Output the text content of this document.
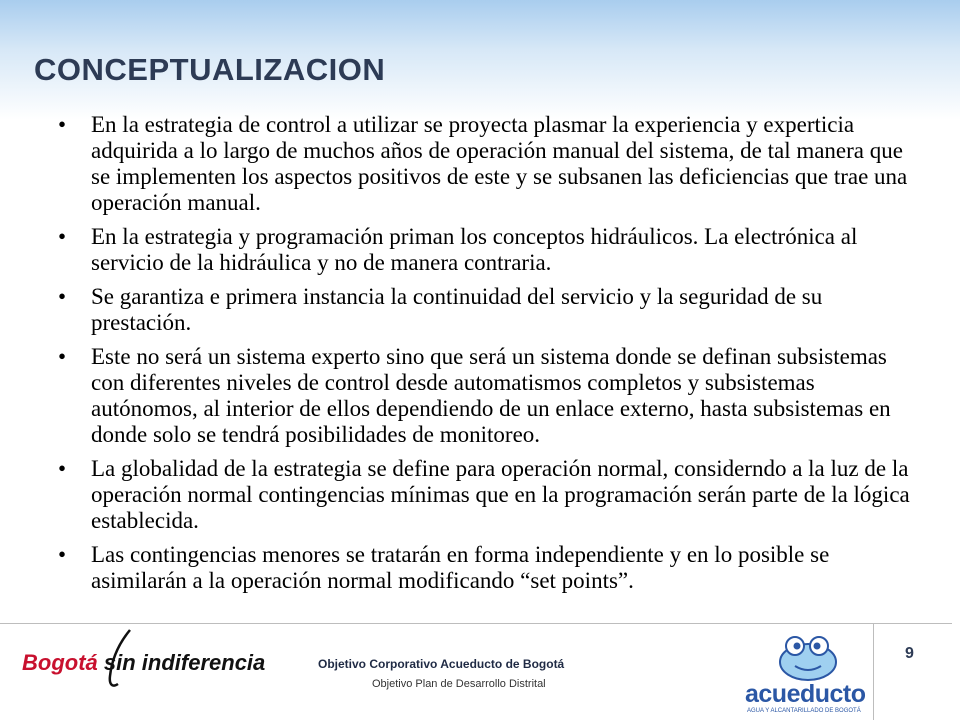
CONCEPTUALIZACION
• En la estrategia de control a utilizar se proyecta plasmar la experiencia y experticia adquirida a lo largo de muchos años de operación manual del sistema, de tal manera que se implementen los aspectos positivos de este y se subsanen las deficiencias que trae una operación manual.
• En la estrategia y programación priman los conceptos hidráulicos. La electrónica al servicio de la hidráulica y no de manera contraria.
• Se garantiza e primera instancia la continuidad del servicio y la seguridad de su prestación.
• Este no será un sistema experto sino que será un sistema donde se definan subsistemas con diferentes niveles de control desde automatismos completos y subsistemas autónomos, al interior de ellos dependiendo de un enlace externo, hasta subsistemas en donde solo se tendrá posibilidades de monitoreo.
• La globalidad de la estrategia se define para operación normal, considerndo a la luz de la operación normal contingencias mínimas que en la programación serán parte de la lógica establecida.
• Las contingencias menores se tratarán en forma independiente y en lo posible se asimilarán a la operación normal modificando “set points”.
Bogotá sin indiferencia	Objetivo Corporativo Acueducto de Bogotá
Objetivo Plan de Desarrollo Distrital
9
acueducto
AGUA Y ALCANTARILLADO DE BOGOTÁ
